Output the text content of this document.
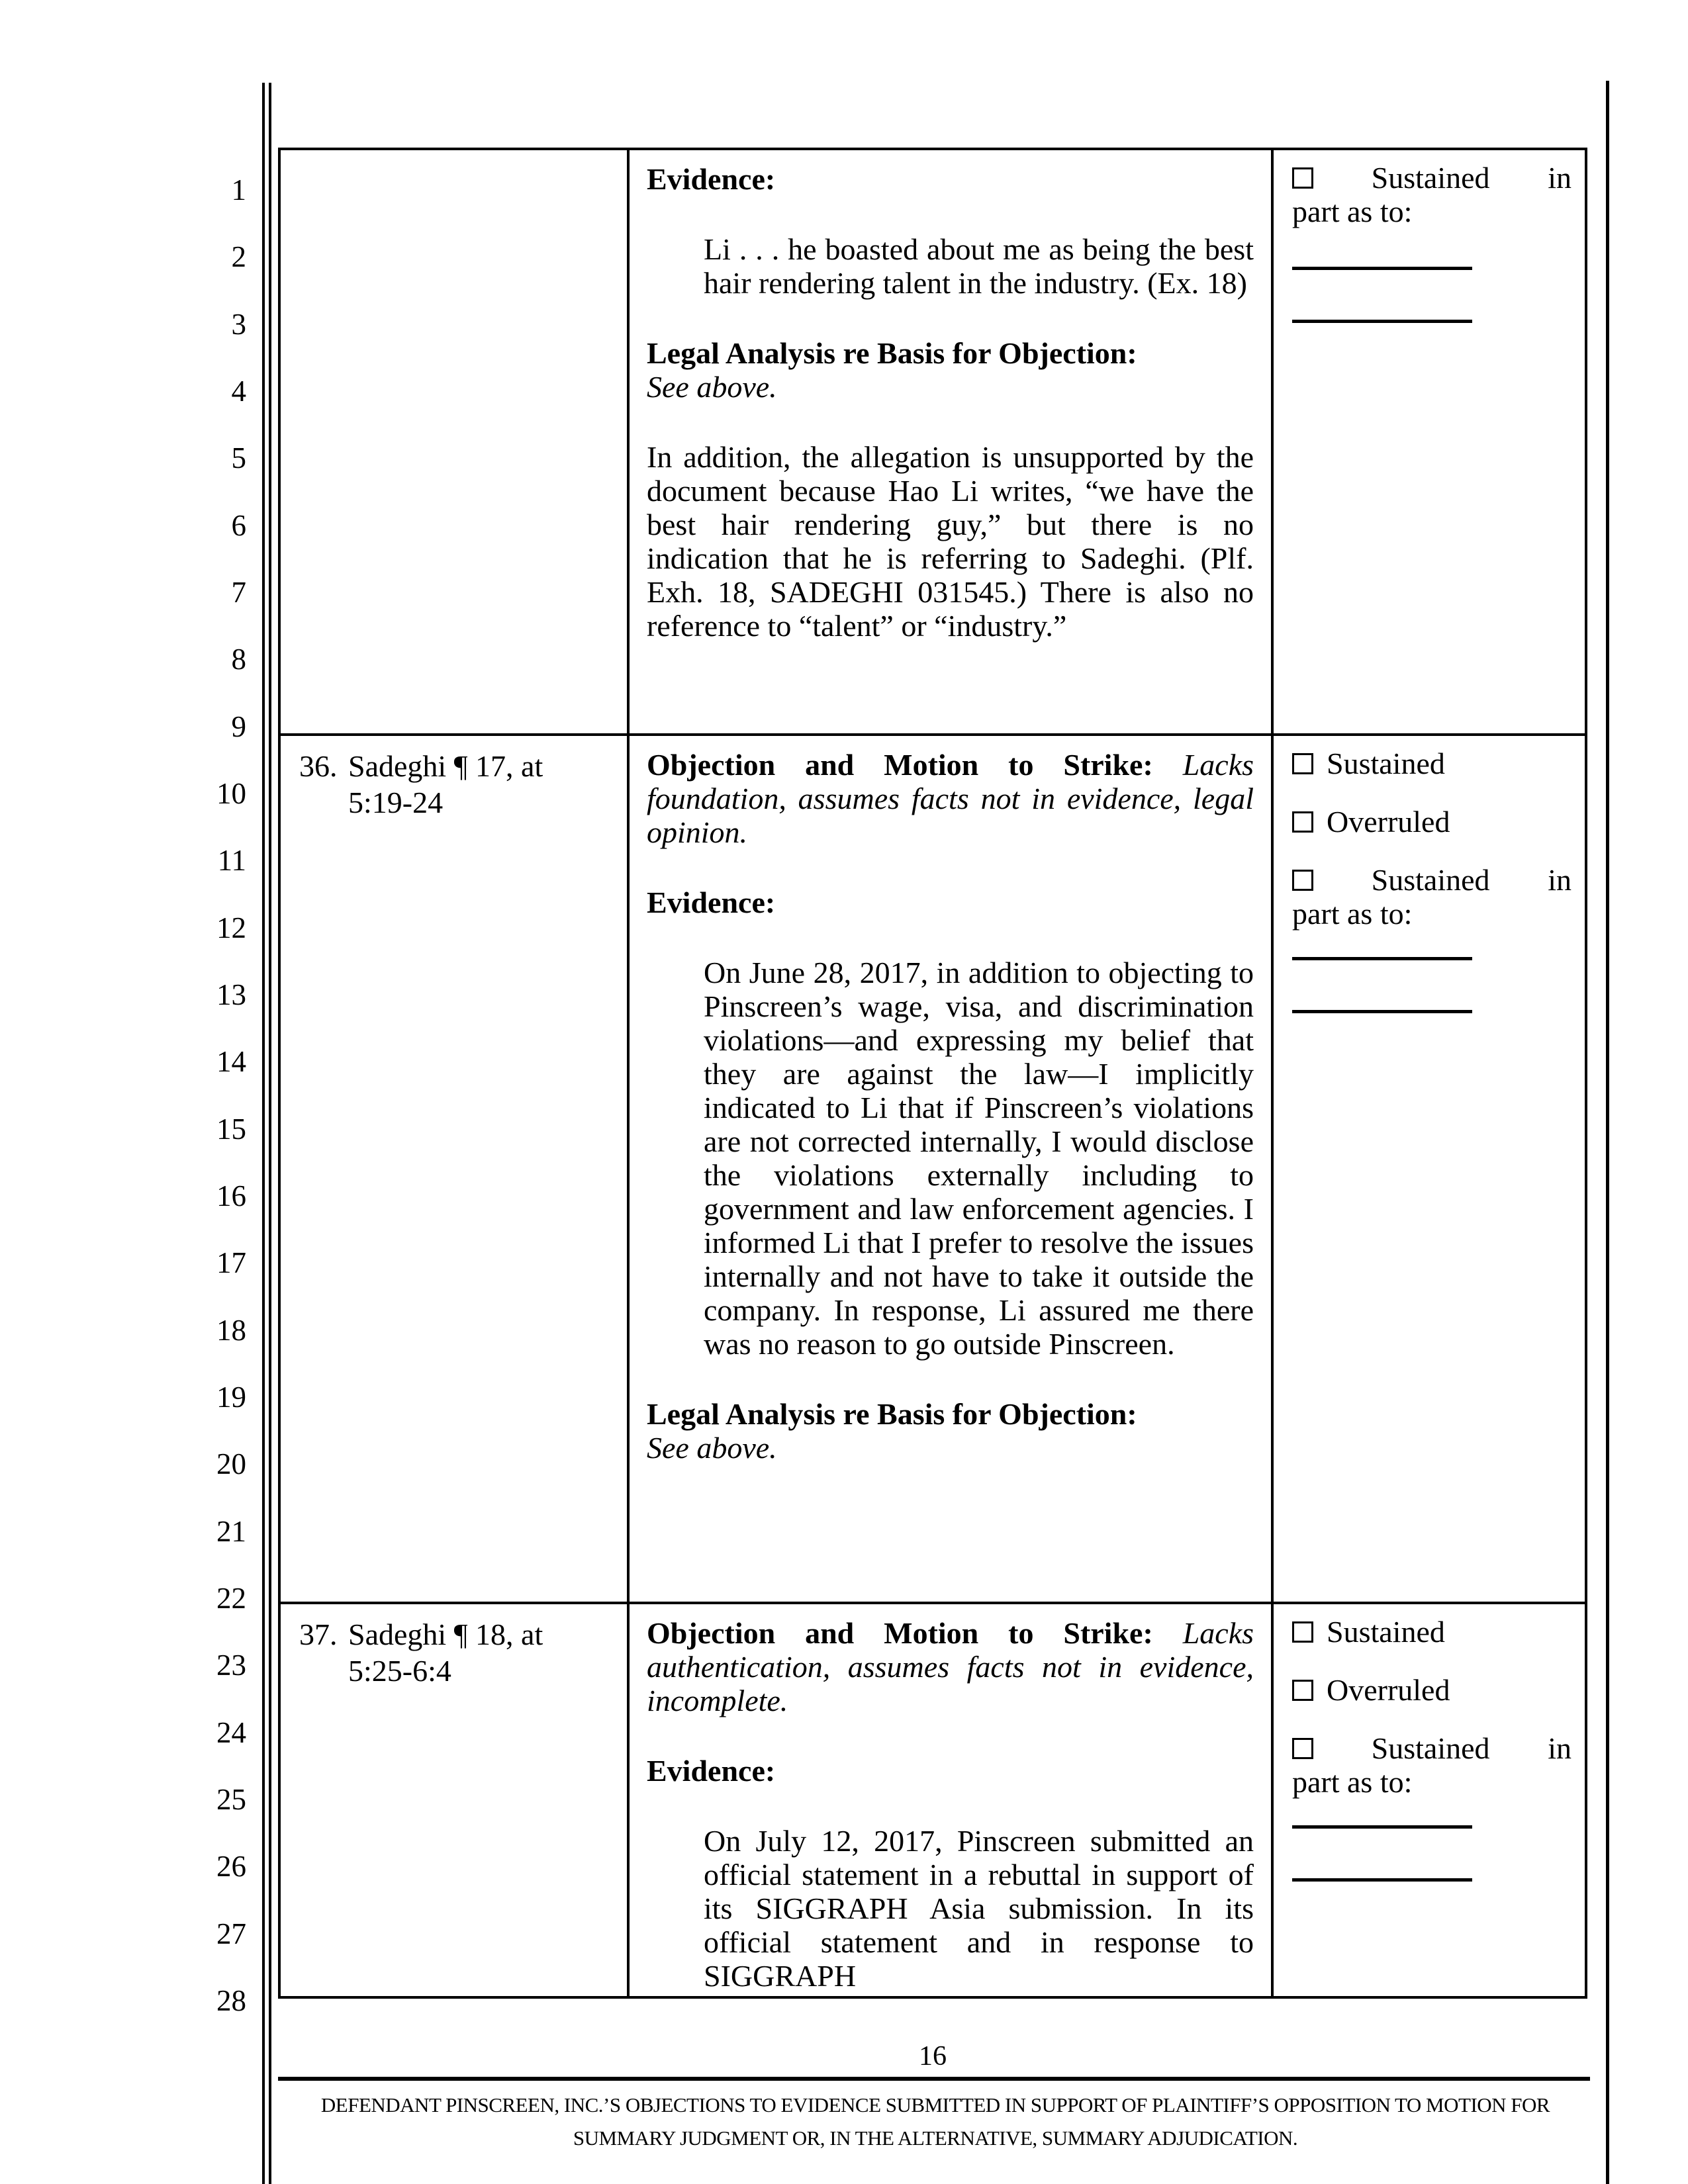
1
2
3
4
5
6
7
8
9
10
11
12
13
14
15
16
17
18
19
20
21
22
23
24
25
26
27
28
Evidence:
Li . . . he boasted about me as being the best hair rendering talent in the industry. (Ex. 18)
Legal Analysis re Basis for Objection:
See above.
In addition, the allegation is unsupported by the document because Hao Li writes, “we have the best hair rendering guy,” but there is no indication that he is referring to Sadeghi. (Plf. Exh. 18, SADEGHI 031545.) There is also no reference to “talent” or “industry.”
Sustained in
part as to:
36. Sadeghi ¶ 17, at
5:19-24
Objection and Motion to Strike: Lacks foundation, assumes facts not in evidence, legal opinion.
Evidence:
On June 28, 2017, in addition to objecting to Pinscreen’s wage, visa, and discrimination violations—and expressing my belief that they are against the law—I implicitly indicated to Li that if Pinscreen’s violations are not corrected internally, I would disclose the violations externally including to government and law enforcement agencies. I informed Li that I prefer to resolve the issues internally and not have to take it outside the company. In response, Li assured me there was no reason to go outside Pinscreen.
Legal Analysis re Basis for Objection:
See above.
Sustained
Overruled
Sustained in
part as to:
37. Sadeghi ¶ 18, at
5:25-6:4
Objection and Motion to Strike: Lacks authentication, assumes facts not in evidence, incomplete.
Evidence:
On July 12, 2017, Pinscreen submitted an official statement in a rebuttal in support of its SIGGRAPH Asia submission. In its official statement and in response to SIGGRAPH
Sustained
Overruled
Sustained in
part as to:
16
DEFENDANT PINSCREEN, INC.’S OBJECTIONS TO EVIDENCE SUBMITTED IN SUPPORT OF PLAINTIFF’S OPPOSITION TO MOTION FOR
SUMMARY JUDGMENT OR, IN THE ALTERNATIVE, SUMMARY ADJUDICATION.
